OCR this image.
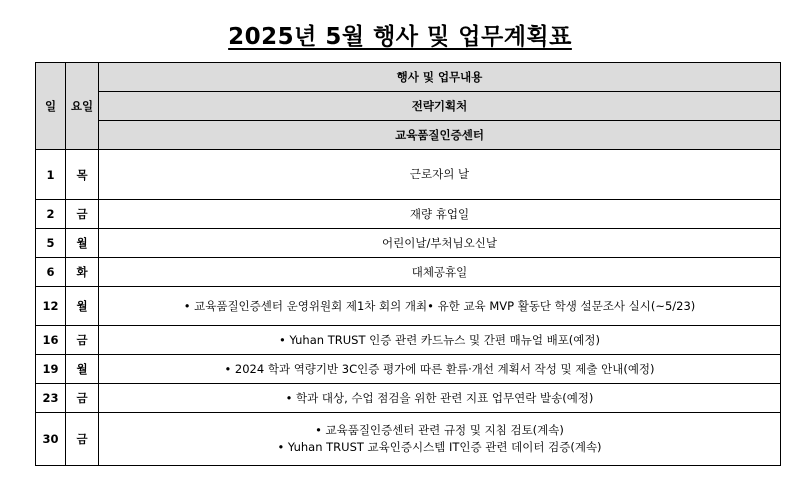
2025년 5월 행사 및 업무계획표
일	요일	행사 및 업무내용
		전략기획처
		교육품질인증센터
1	목	근로자의 날

2	금	재량 휴업일

5	월	어린이날/부처님오신날

6	화	대체공휴일

12	월	• 교육품질인증센터 운영위원회 제1차 회의 개최• 유한 교육 MVP 활동단 학생 설문조사 실시(~5/23)

16	금	• Yuhan TRUST 인증 관련 카드뉴스 및 간편 매뉴얼 배포(예정)

19	월	• 2024 학과 역량기반 3C인증 평가에 따른 환류·개선 계획서 작성 및 제출 안내(예정)

23	금	• 학과 대상, 수업 점검을 위한 관련 지표 업무연락 발송(예정)

30	금	• 교육품질인증센터 관련 규정 및 지침 검토(계속)
• Yuhan TRUST 교육인증시스템 IT인증 관련 데이터 검증(계속)
